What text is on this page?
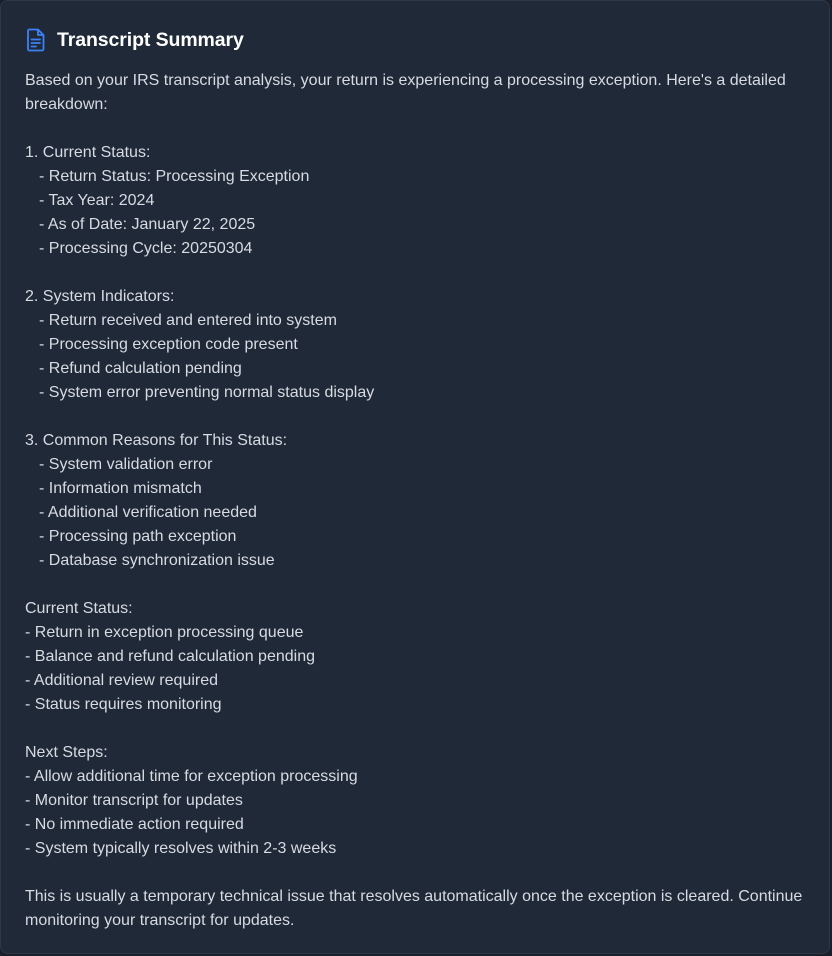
Transcript Summary

Based on your IRS transcript analysis, your return is experiencing a processing exception. Here's a detailed breakdown:

1. Current Status:
- Return Status: Processing Exception
- Tax Year: 2024
- As of Date: January 22, 2025
- Processing Cycle: 20250304
2. System Indicators:
- Return received and entered into system
- Processing exception code present
- Refund calculation pending
- System error preventing normal status display
3. Common Reasons for This Status:
- System validation error
- Information mismatch
- Additional verification needed
- Processing path exception
- Database synchronization issue
Current Status:
- Return in exception processing queue
- Balance and refund calculation pending
- Additional review required
- Status requires monitoring
Next Steps:
- Allow additional time for exception processing
- Monitor transcript for updates
- No immediate action required
- System typically resolves within 2-3 weeks

This is usually a temporary technical issue that resolves automatically once the exception is cleared. Continue monitoring your transcript for updates.
